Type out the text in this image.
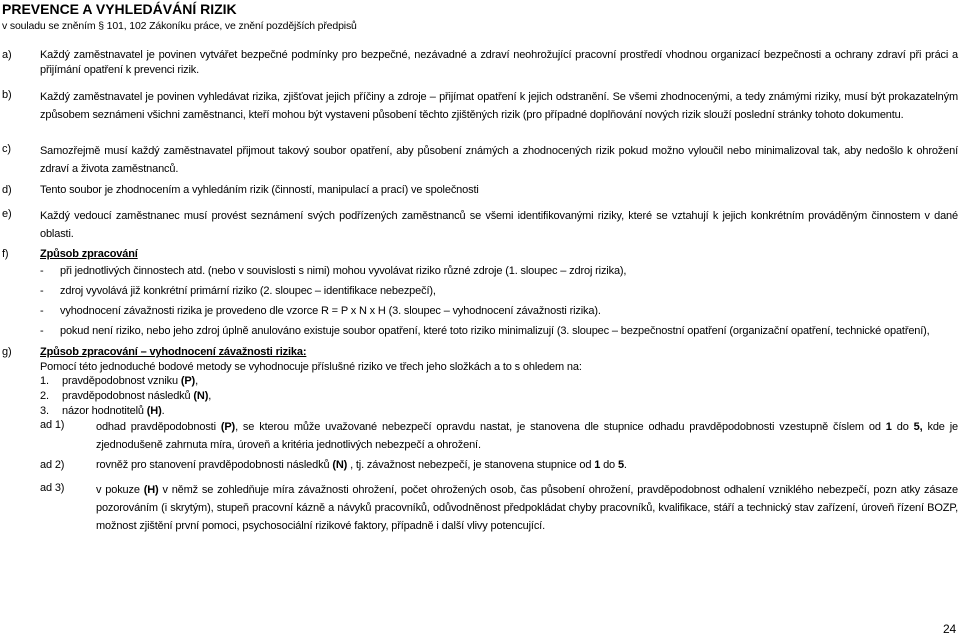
PREVENCE A VYHLEDÁVÁNÍ RIZIK
v souladu se zněním § 101, 102 Zákoníku práce, ve znění pozdějších předpisů
a)	Každý zaměstnavatel je povinen vytvářet bezpečné podmínky pro bezpečné, nezávadné a zdraví neohrožující pracovní prostředí vhodnou organizací bezpečnosti a ochrany zdraví při práci a přijímání opatření k prevenci rizik.
b)	Každý zaměstnavatel je povinen vyhledávat rizika, zjišťovat jejich příčiny a zdroje – přijímat opatření k jejich odstranění. Se všemi zhodnocenými, a tedy známými riziky, musí být prokazatelným způsobem seznámeni všichni zaměstnanci, kteří mohou být vystaveni působení těchto zjištěných rizik (pro případné doplňování nových rizik slouží poslední stránky tohoto dokumentu.
c)	Samozřejmě musí každý zaměstnavatel přijmout takový soubor opatření, aby působení známých a zhodnocených rizik pokud možno vyloučil nebo minimalizoval tak, aby nedošlo k ohrožení zdraví a života zaměstnanců.
d)	Tento soubor je zhodnocením a vyhledáním rizik (činností, manipulací a prací) ve společnosti
e)	Každý vedoucí zaměstnanec musí provést seznámení svých podřízených zaměstnanců se všemi identifikovanými riziky, které se vztahují k jejich konkrétním prováděným činnostem v dané oblasti.
f)	Způsob zpracování
-	při jednotlivých činnostech atd. (nebo v souvislosti s nimi) mohou vyvolávat riziko různé zdroje (1. sloupec – zdroj rizika),
-	zdroj vyvolává již konkrétní primární riziko (2. sloupec – identifikace nebezpečí),
-	vyhodnocení závažnosti rizika je provedeno dle vzorce R = P x N x H (3. sloupec – vyhodnocení závažnosti rizika).
-	pokud není riziko, nebo jeho zdroj úplně anulováno existuje soubor opatření, které toto riziko minimalizují (3. sloupec – bezpečnostní opatření (organizační opatření, technické opatření),
g)	Způsob zpracování – vyhodnocení závažnosti rizika:
Pomocí této jednoduché bodové metody se vyhodnocuje příslušné riziko ve třech jeho složkách a to s ohledem na:
1. pravděpodobnost vzniku (P),
2. pravděpodobnost následků (N),
3. názor hodnotitelů (H).
ad 1)	odhad pravděpodobnosti (P), se kterou může uvažované nebezpečí opravdu nastat, je stanovena dle stupnice odhadu pravděpodobnosti vzestupně číslem od 1 do 5, kde je zjednodušeně zahrnuta míra, úroveň a kritéria jednotlivých nebezpečí a ohrožení.
ad 2)	rovněž pro stanovení pravděpodobnosti následků (N) , tj. závažnost nebezpečí, je stanovena stupnice od 1 do 5.
ad 3)	v pokuze (H) v němž se zohledňuje míra závažnosti ohrožení, počet ohrožených osob, čas působení ohrožení, pravděpodobnost odhalení vzniklého nebezpečí, pozn atky zásaze pozorováním (i skrytým), stupeň pracovní kázně a návyků pracovníků, odůvodněnost předpokládat chyby pracovníků, kvalifikace, stáří a technický stav zařízení, úroveň řízení BOZP, možnost zjištění první pomoci, psychosociální rizikové faktory, případně i další vlivy potencující.
24
